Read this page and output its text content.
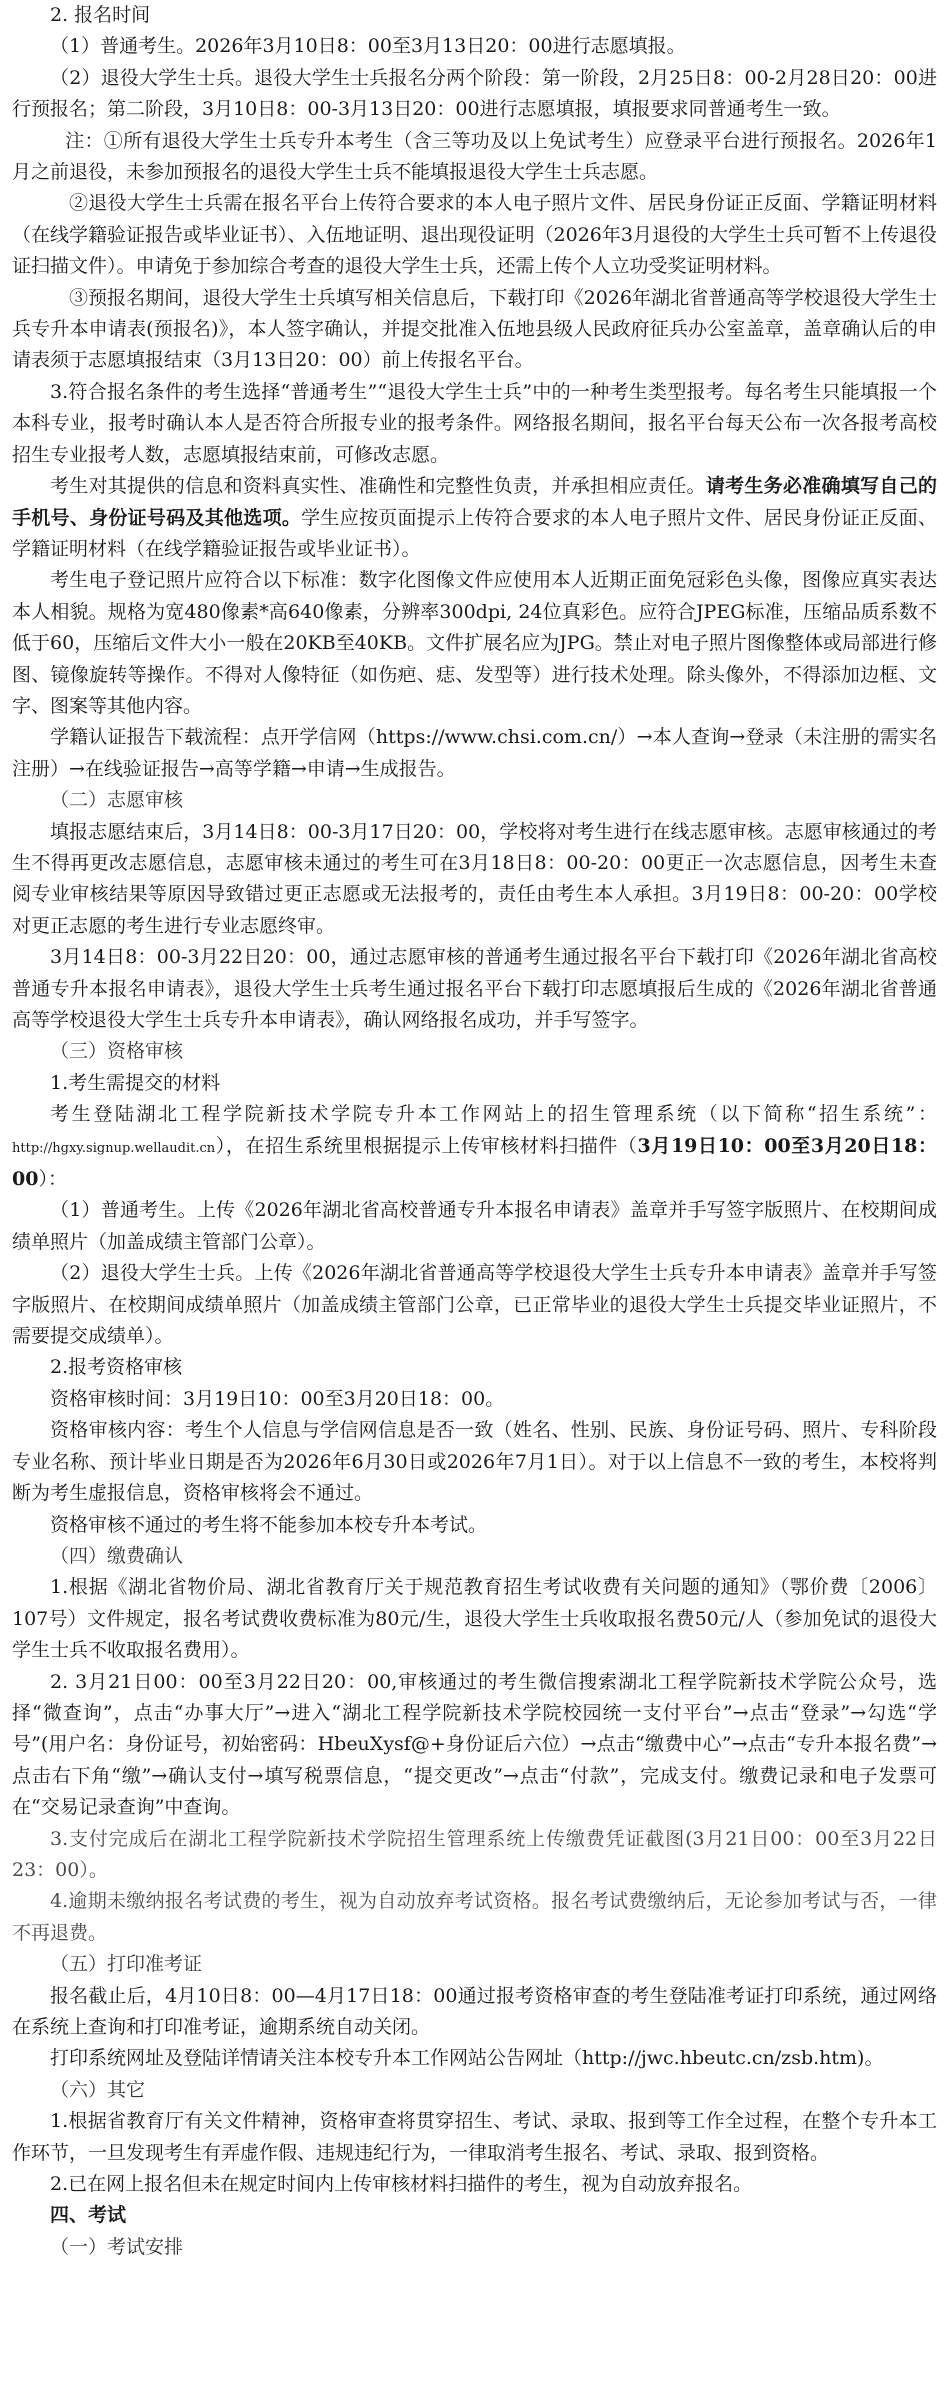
2. 报名时间

（1）普通考生。2026年3月10日8：00至3月13日20：00进行志愿填报。

（2）退役大学生士兵。退役大学生士兵报名分两个阶段：第一阶段，2月25日8：00-2月28日20：00进行预报名；第二阶段，3月10日8：00-3月13日20：00进行志愿填报，填报要求同普通考生一致。

注：①所有退役大学生士兵专升本考生（含三等功及以上免试考生）应登录平台进行预报名。2026年1月之前退役，未参加预报名的退役大学生士兵不能填报退役大学生士兵志愿。

②退役大学生士兵需在报名平台上传符合要求的本人电子照片文件、居民身份证正反面、学籍证明材料（在线学籍验证报告或毕业证书）、入伍地证明、退出现役证明（2026年3月退役的大学生士兵可暂不上传退役证扫描文件）。申请免于参加综合考查的退役大学生士兵，还需上传个人立功受奖证明材料。

③预报名期间，退役大学生士兵填写相关信息后，下载打印《2026年湖北省普通高等学校退役大学生士兵专升本申请表(预报名)》，本人签字确认，并提交批准入伍地县级人民政府征兵办公室盖章，盖章确认后的申请表须于志愿填报结束（3月13日20：00）前上传报名平台。

3.符合报名条件的考生选择“普通考生”“退役大学生士兵”中的一种考生类型报考。每名考生只能填报一个本科专业，报考时确认本人是否符合所报专业的报考条件。网络报名期间，报名平台每天公布一次各报考高校招生专业报考人数，志愿填报结束前，可修改志愿。

考生对其提供的信息和资料真实性、准确性和完整性负责，并承担相应责任。请考生务必准确填写自己的手机号、身份证号码及其他选项。学生应按页面提示上传符合要求的本人电子照片文件、居民身份证正反面、学籍证明材料（在线学籍验证报告或毕业证书）。

考生电子登记照片应符合以下标准：数字化图像文件应使用本人近期正面免冠彩色头像，图像应真实表达本人相貌。规格为宽480像素*高640像素，分辨率300dpi, 24位真彩色。应符合JPEG标准，压缩品质系数不低于60，压缩后文件大小一般在20KB至40KB。文件扩展名应为JPG。禁止对电子照片图像整体或局部进行修图、镜像旋转等操作。不得对人像特征（如伤疤、痣、发型等）进行技术处理。除头像外，不得添加边框、文字、图案等其他内容。

学籍认证报告下载流程：点开学信网（https://www.chsi.com.cn/）→本人查询→登录（未注册的需实名注册）→在线验证报告→高等学籍→申请→生成报告。

（二）志愿审核

填报志愿结束后，3月14日8：00-3月17日20：00，学校将对考生进行在线志愿审核。志愿审核通过的考生不得再更改志愿信息，志愿审核未通过的考生可在3月18日8：00-20：00更正一次志愿信息，因考生未查阅专业审核结果等原因导致错过更正志愿或无法报考的，责任由考生本人承担。3月19日8：00-20：00学校对更正志愿的考生进行专业志愿终审。

3月14日8：00-3月22日20：00，通过志愿审核的普通考生通过报名平台下载打印《2026年湖北省高校普通专升本报名申请表》，退役大学生士兵考生通过报名平台下载打印志愿填报后生成的《2026年湖北省普通高等学校退役大学生士兵专升本申请表》，确认网络报名成功，并手写签字。

（三）资格审核

1.考生需提交的材料

考生登陆湖北工程学院新技术学院专升本工作网站上的招生管理系统（以下简称“招生系统”：http://hgxy.signup.wellaudit.cn），在招生系统里根据提示上传审核材料扫描件（3月19日10：00至3月20日18：00）：

（1）普通考生。上传《2026年湖北省高校普通专升本报名申请表》盖章并手写签字版照片、在校期间成绩单照片（加盖成绩主管部门公章）。

（2）退役大学生士兵。上传《2026年湖北省普通高等学校退役大学生士兵专升本申请表》盖章并手写签字版照片、在校期间成绩单照片（加盖成绩主管部门公章，已正常毕业的退役大学生士兵提交毕业证照片，不需要提交成绩单）。

2.报考资格审核

资格审核时间：3月19日10：00至3月20日18：00。

资格审核内容：考生个人信息与学信网信息是否一致（姓名、性别、民族、身份证号码、照片、专科阶段专业名称、预计毕业日期是否为2026年6月30日或2026年7月1日）。对于以上信息不一致的考生，本校将判断为考生虚报信息，资格审核将会不通过。

资格审核不通过的考生将不能参加本校专升本考试。

（四）缴费确认

1.根据《湖北省物价局、湖北省教育厅关于规范教育招生考试收费有关问题的通知》（鄂价费〔2006〕107号）文件规定，报名考试费收费标准为80元/生，退役大学生士兵收取报名费50元/人（参加免试的退役大学生士兵不收取报名费用）。

2. 3月21日00：00至3月22日20：00,审核通过的考生微信搜索湖北工程学院新技术学院公众号，选择“微查询”，点击“办事大厅”→进入“湖北工程学院新技术学院校园统一支付平台”→点击“登录”→勾选“学号”(用户名：身份证号，初始密码：HbeuXysf@+身份证后六位）→点击“缴费中心”→点击“专升本报名费”→点击右下角“缴”→确认支付→填写税票信息，“提交更改”→点击“付款”，完成支付。缴费记录和电子发票可在“交易记录查询”中查询。

3.支付完成后在湖北工程学院新技术学院招生管理系统上传缴费凭证截图(3月21日00：00至3月22日23：00）。

4.逾期未缴纳报名考试费的考生，视为自动放弃考试资格。报名考试费缴纳后，无论参加考试与否，一律不再退费。

（五）打印准考证

报名截止后，4月10日8：00—4月17日18：00通过报考资格审查的考生登陆准考证打印系统，通过网络在系统上查询和打印准考证，逾期系统自动关闭。

打印系统网址及登陆详情请关注本校专升本工作网站公告网址（http://jwc.hbeutc.cn/zsb.htm)。

（六）其它

1.根据省教育厅有关文件精神，资格审查将贯穿招生、考试、录取、报到等工作全过程，在整个专升本工作环节，一旦发现考生有弄虚作假、违规违纪行为，一律取消考生报名、考试、录取、报到资格。

2.已在网上报名但未在规定时间内上传审核材料扫描件的考生，视为自动放弃报名。

四、考试

（一）考试安排
